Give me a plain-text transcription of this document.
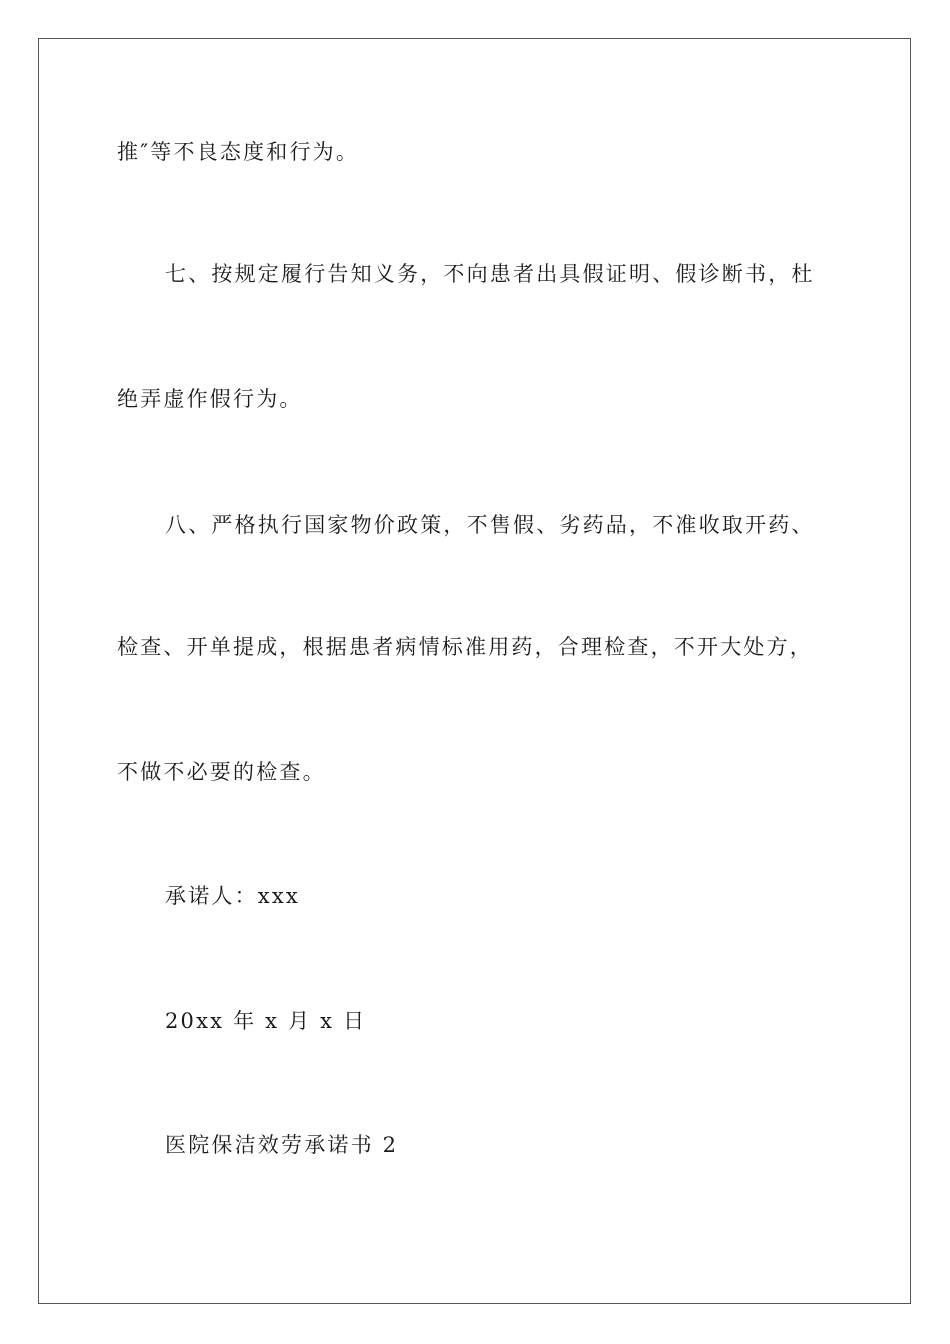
推″等不良态度和行为。
七、按规定履行告知义务，不向患者出具假证明、假诊断书，杜
绝弄虚作假行为。
八、严格执行国家物价政策，不售假、劣药品，不准收取开药、
检查、开单提成，根据患者病情标准用药，合理检查，不开大处方，
不做不必要的检查。
承诺人：xxx
20xx 年 x 月 x 日
医院保洁效劳承诺书 2
